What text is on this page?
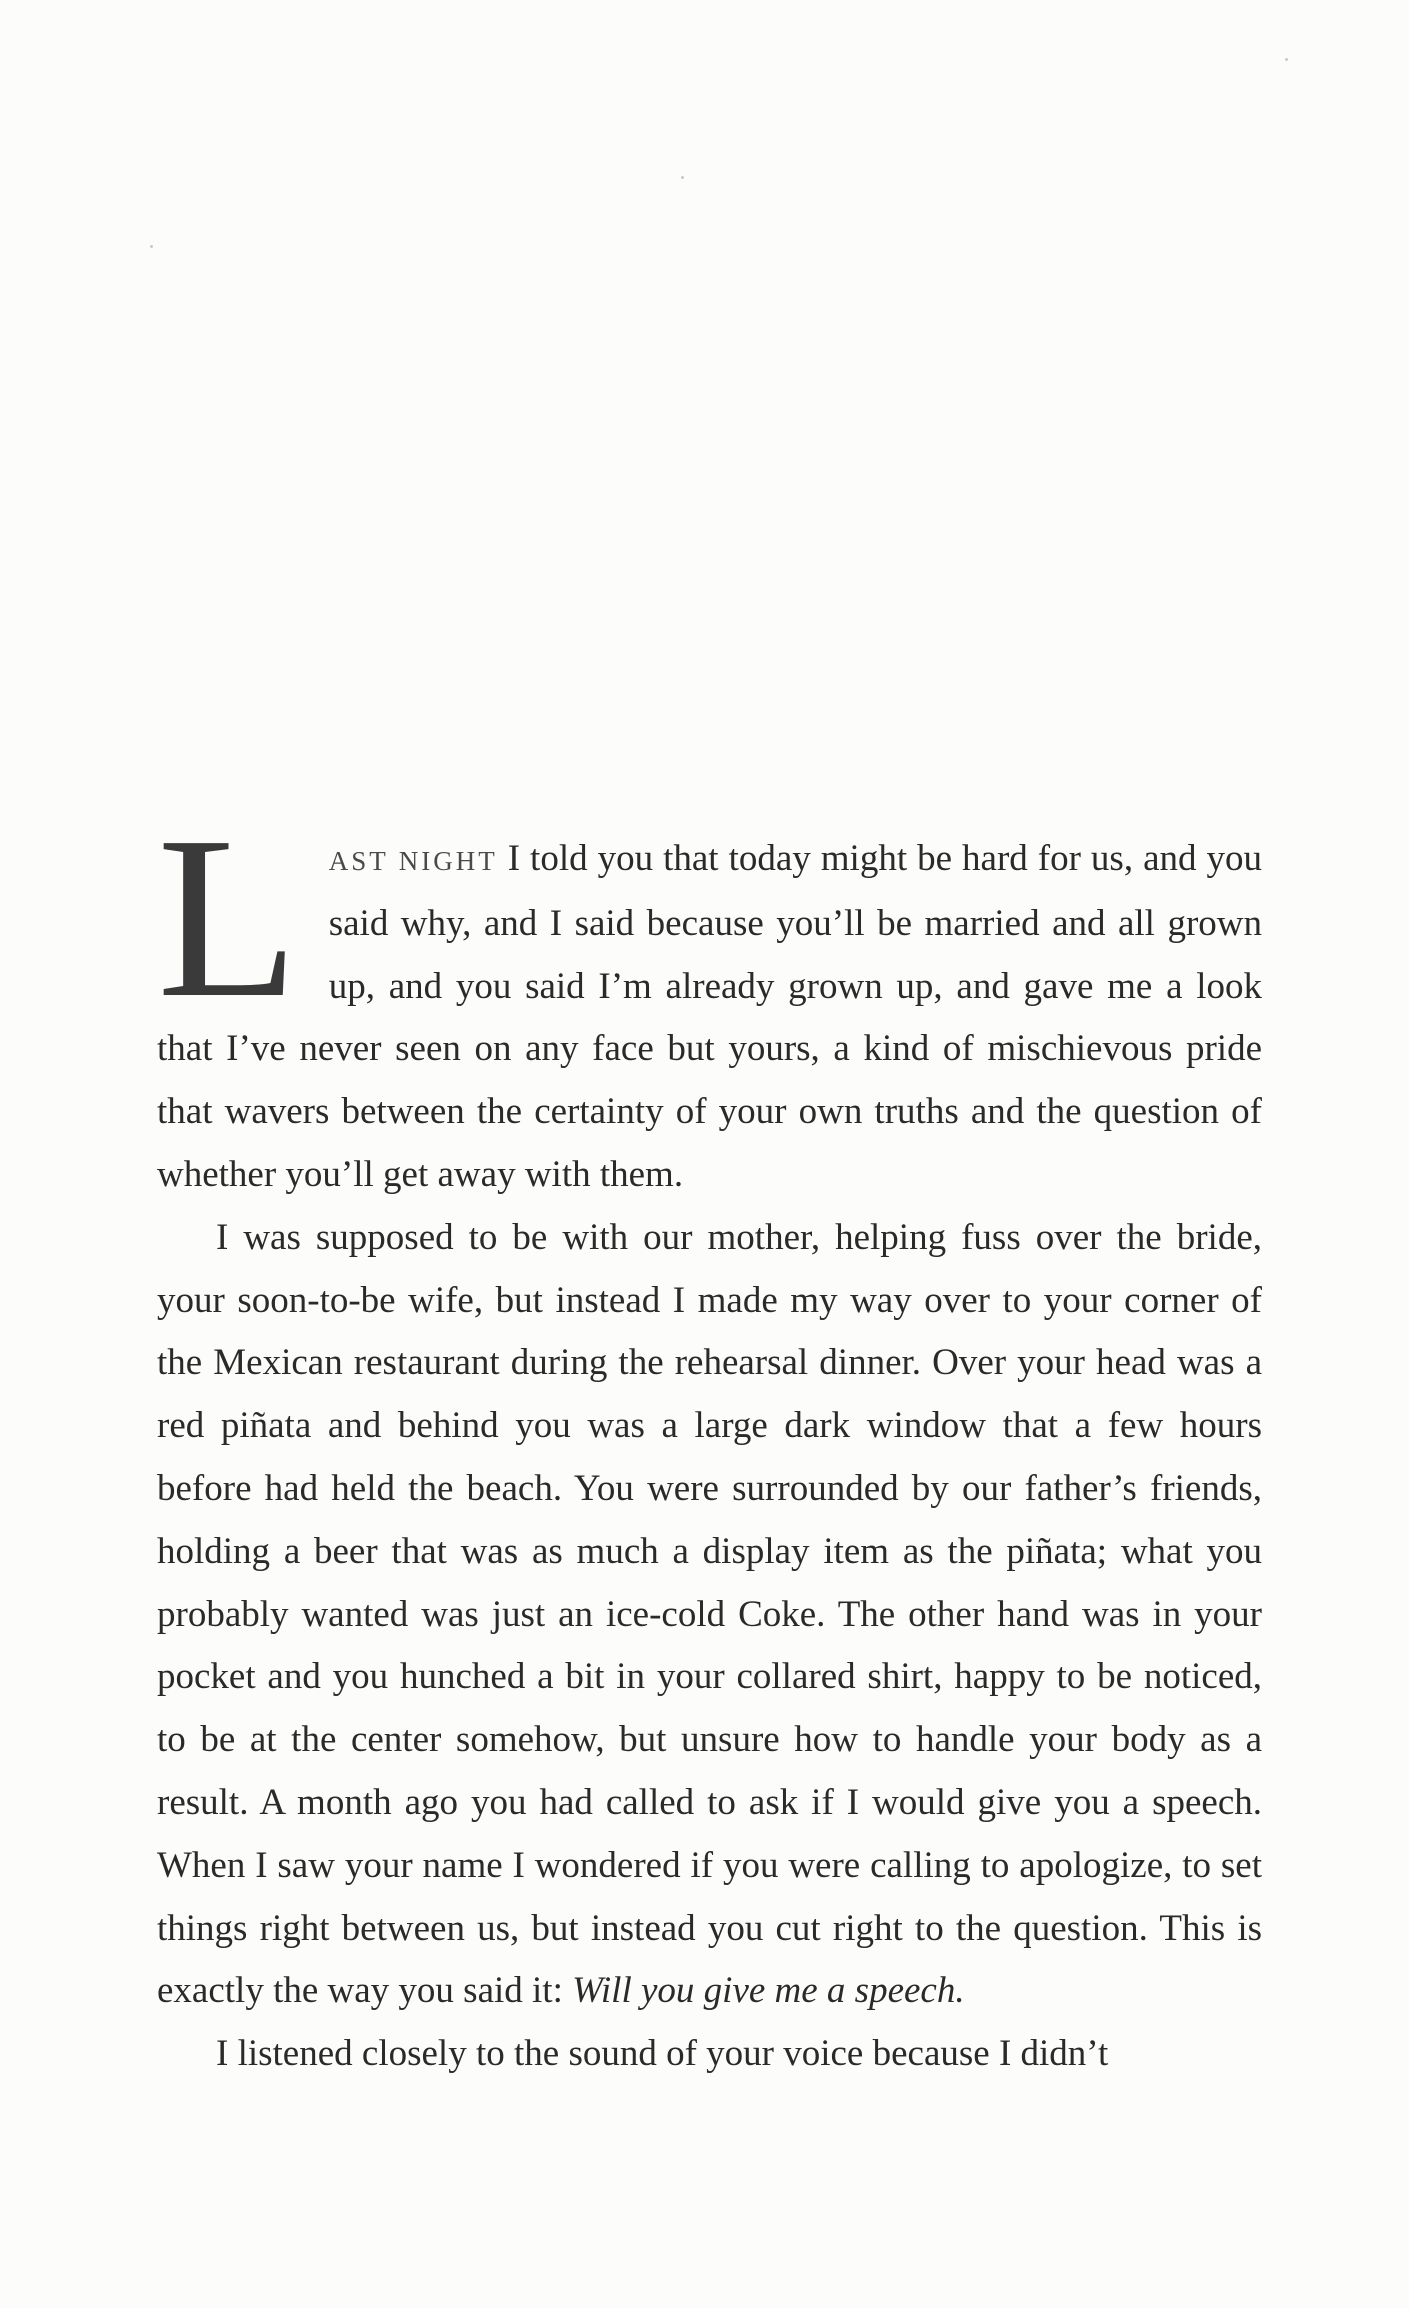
L AST NIGHT I told you that today might be hard for us, and you said why, and I said because you’ll be married and all grown up, and you said I’m already grown up, and gave me a look that I’ve never seen on any face but yours, a kind of mischievous pride that wavers between the certainty of your own truths and the question of whether you’ll get away with them.

I was supposed to be with our mother, helping fuss over the bride, your soon-to-be wife, but instead I made my way over to your corner of the Mexican restaurant during the rehearsal dinner. Over your head was a red piñata and behind you was a large dark window that a few hours before had held the beach. You were surrounded by our father’s friends, holding a beer that was as much a display item as the piñata; what you probably wanted was just an ice-cold Coke. The other hand was in your pocket and you hunched a bit in your collared shirt, happy to be noticed, to be at the center somehow, but unsure how to handle your body as a result. A month ago you had called to ask if I would give you a speech. When I saw your name I wondered if you were calling to apologize, to set things right between us, but instead you cut right to the question. This is exactly the way you said it: Will you give me a speech.

I listened closely to the sound of your voice because I didn’t
